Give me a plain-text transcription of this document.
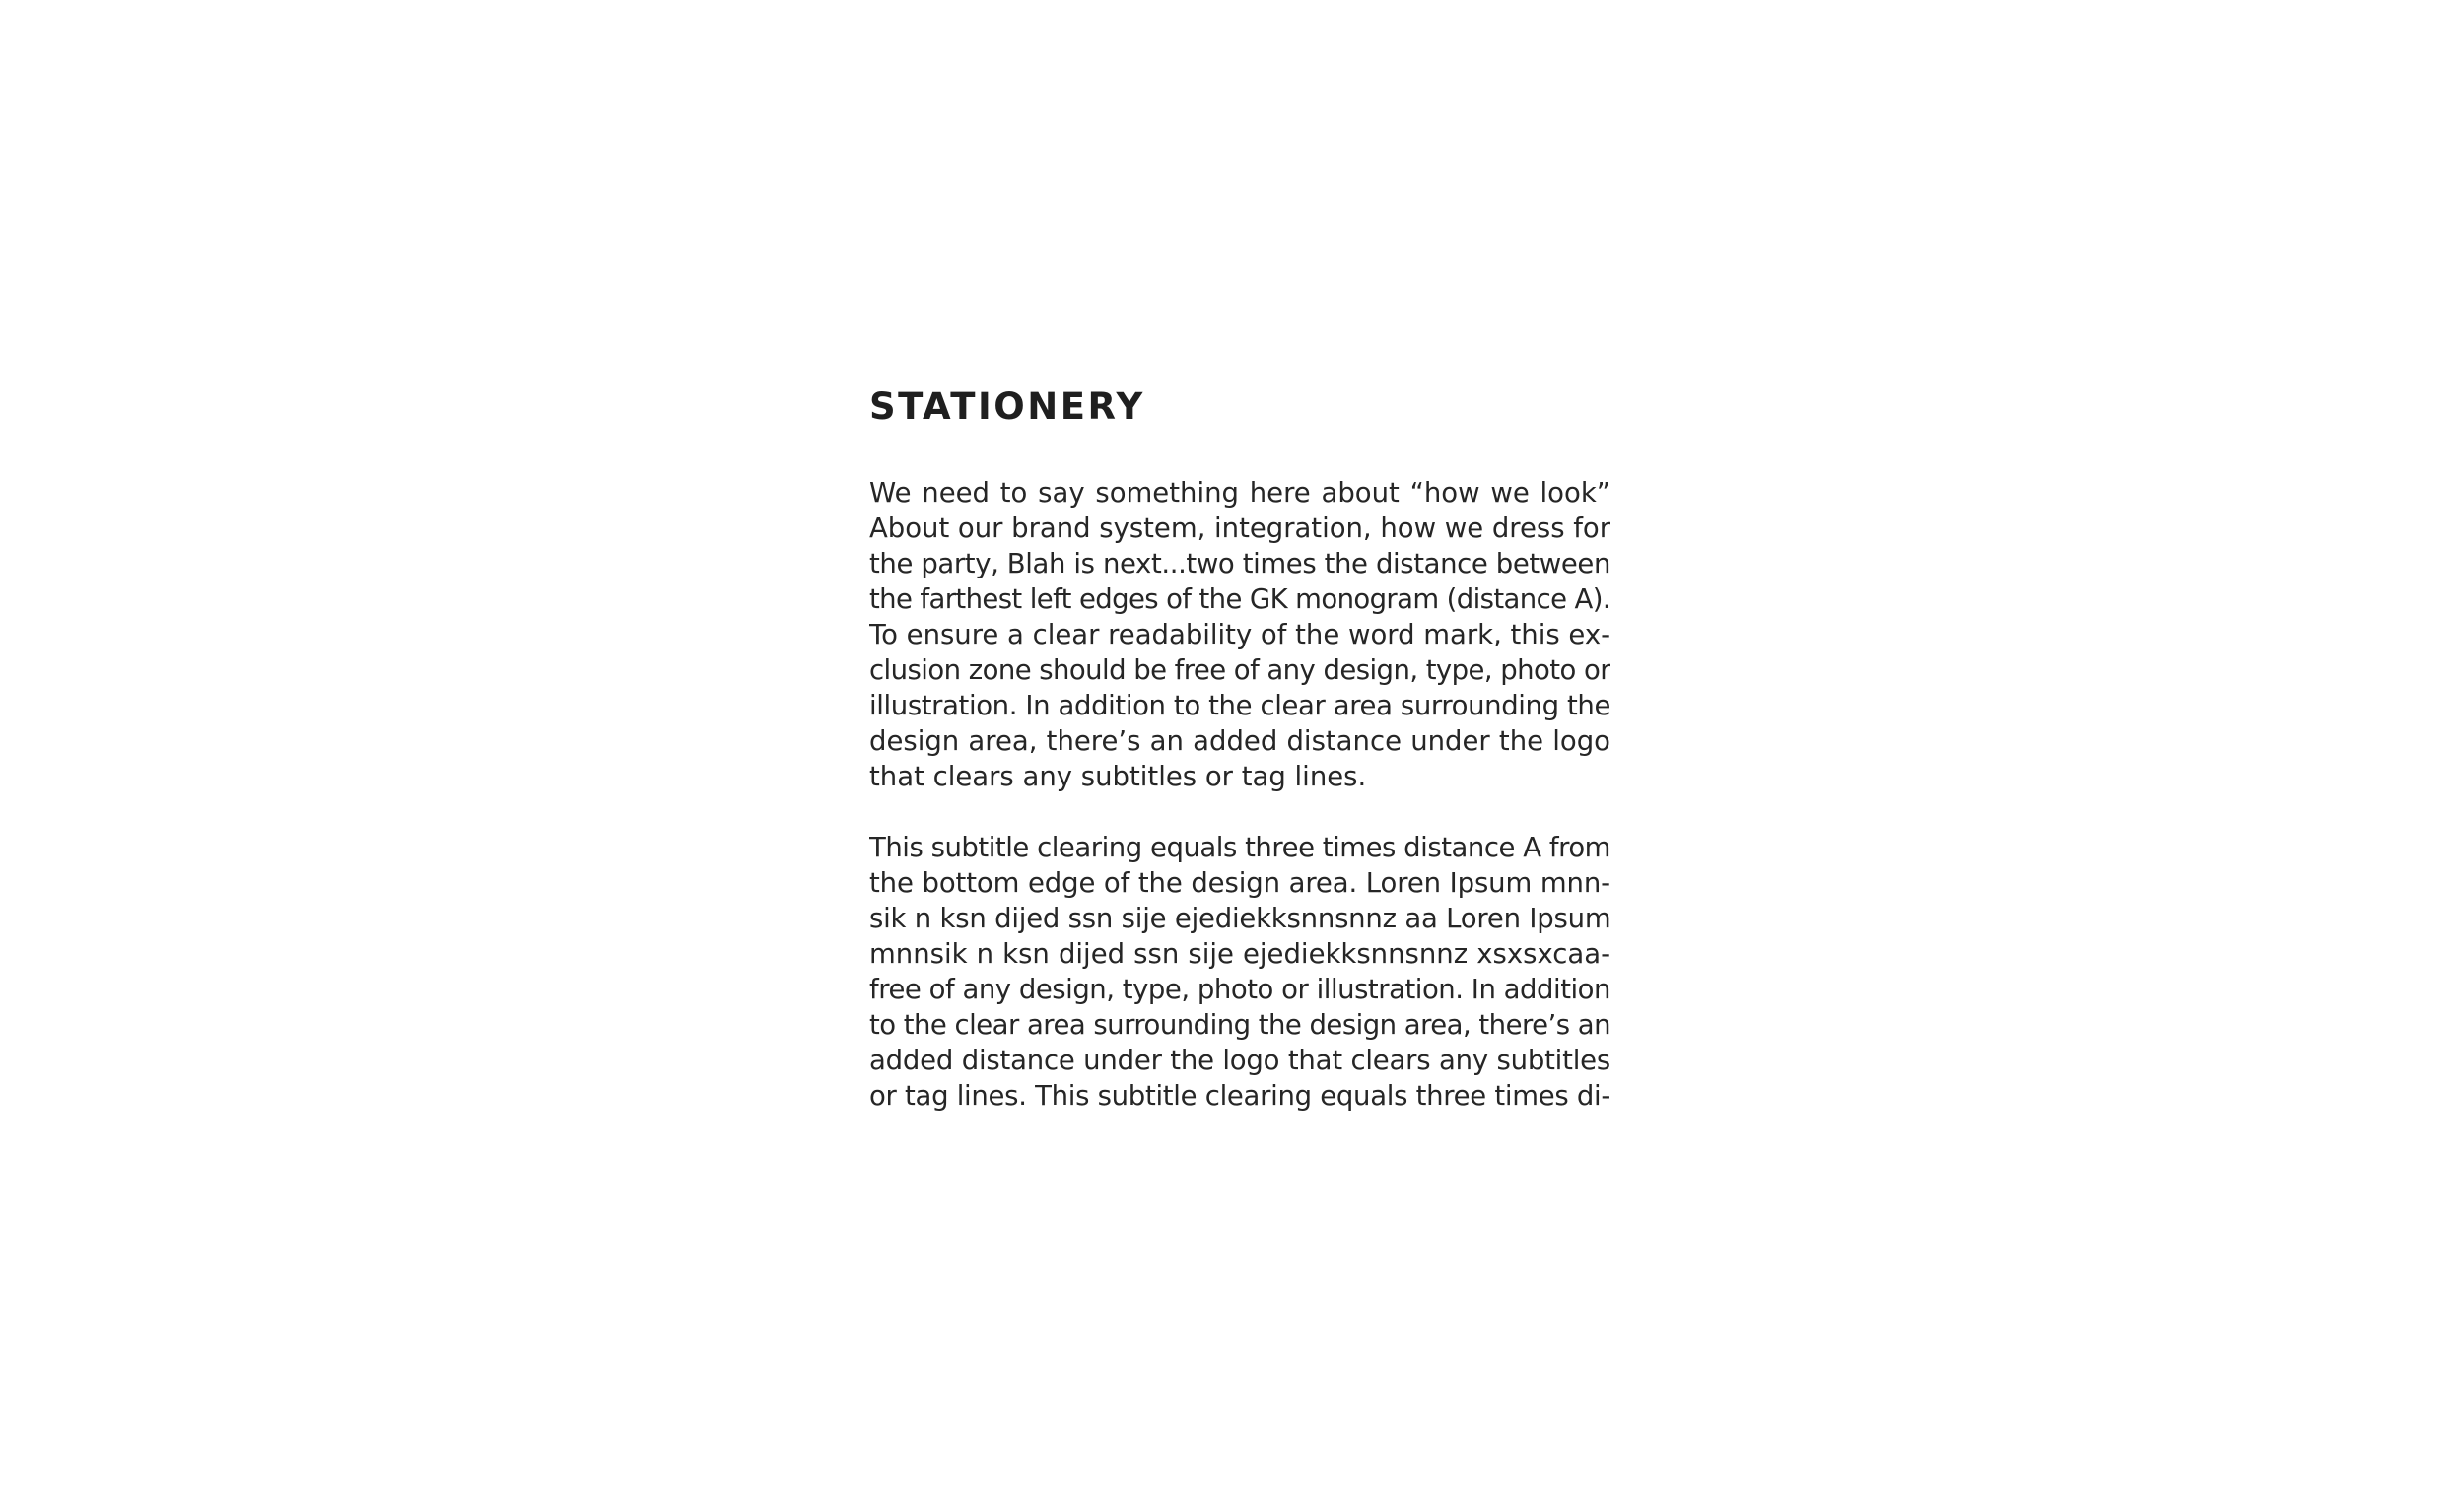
STATIONERY
We need to say something here about “how we look”
About our brand system, integration, how we dress for
the party, Blah is next...two times the distance between
the farthest left edges of the GK monogram (distance A).
To ensure a clear readability of the word mark, this ex-
clusion zone should be free of any design, type, photo or
illustration. In addition to the clear area surrounding the
design area, there’s an added distance under the logo
that clears any subtitles or tag lines.
This subtitle clearing equals three times distance A from
the bottom edge of the design area. Loren Ipsum mnn-
sik n ksn dijed ssn sije ejediekksnnsnnz aa Loren Ipsum
mnnsik n ksn dijed ssn sije ejediekksnnsnnz xsxsxcaa-
free of any design, type, photo or illustration. In addition
to the clear area surrounding the design area, there’s an
added distance under the logo that clears any subtitles
or tag lines. This subtitle clearing equals three times di-
